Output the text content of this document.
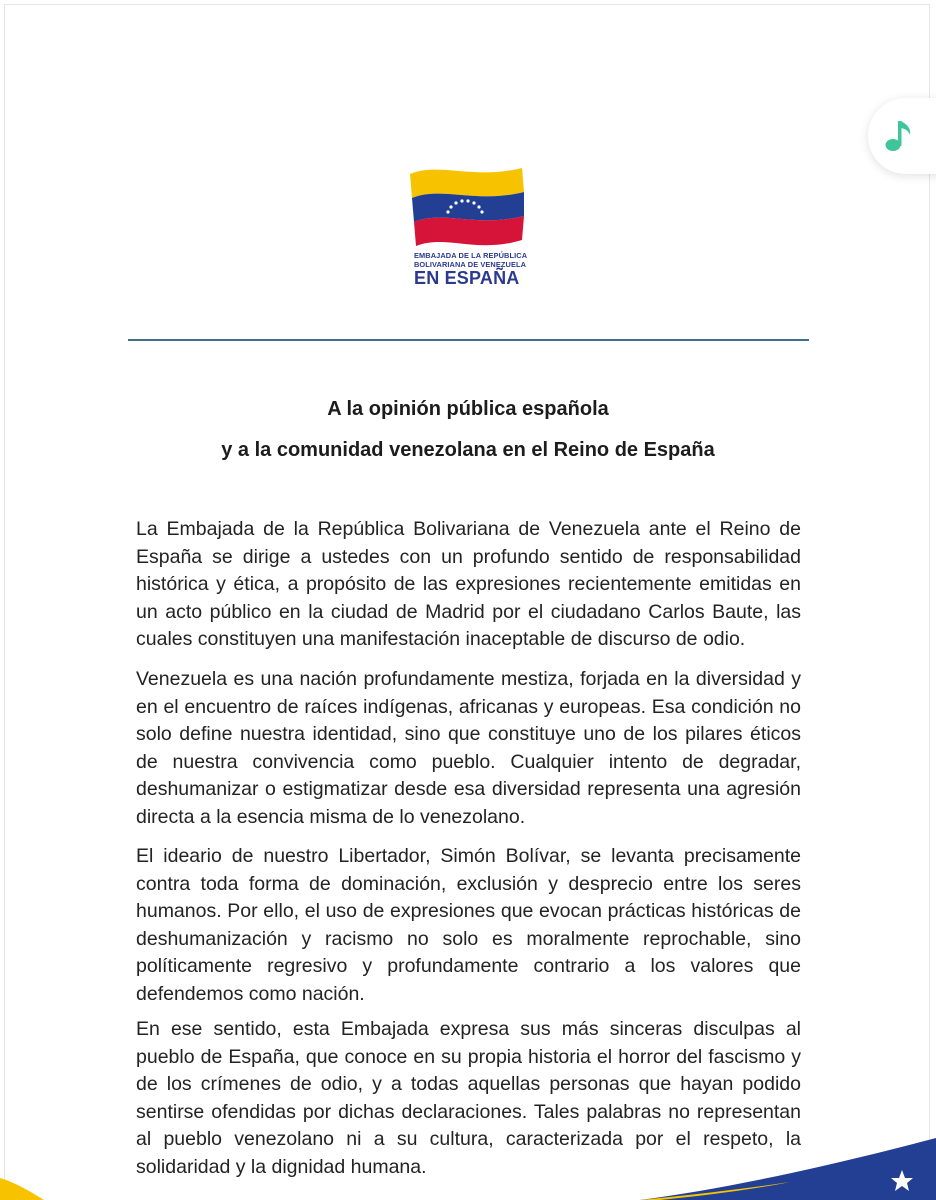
EMBAJADA DE LA REPÚBLICA
BOLIVARIANA DE VENEZUELA
EN ESPAÑA
A la opinión pública española
y a la comunidad venezolana en el Reino de España
La Embajada de la República Bolivariana de Venezuela ante el Reino de España se dirige a ustedes con un profundo sentido de responsabilidad histórica y ética, a propósito de las expresiones recientemente emitidas en un acto público en la ciudad de Madrid por el ciudadano Carlos Baute, las cuales constituyen una manifestación inaceptable de discurso de odio.
Venezuela es una nación profundamente mestiza, forjada en la diversidad y en el encuentro de raíces indígenas, africanas y europeas. Esa condición no solo define nuestra identidad, sino que constituye uno de los pilares éticos de nuestra convivencia como pueblo. Cualquier intento de degradar, deshumanizar o estigmatizar desde esa diversidad representa una agresión directa a la esencia misma de lo venezolano.
El ideario de nuestro Libertador, Simón Bolívar, se levanta precisamente contra toda forma de dominación, exclusión y desprecio entre los seres humanos. Por ello, el uso de expresiones que evocan prácticas históricas de deshumanización y racismo no solo es moralmente reprochable, sino políticamente regresivo y profundamente contrario a los valores que defendemos como nación.
En ese sentido, esta Embajada expresa sus más sinceras disculpas al pueblo de España, que conoce en su propia historia el horror del fascismo y de los crímenes de odio, y a todas aquellas personas que hayan podido sentirse ofendidas por dichas declaraciones. Tales palabras no representan al pueblo venezolano ni a su cultura, caracterizada por el respeto, la solidaridad y la dignidad humana.
